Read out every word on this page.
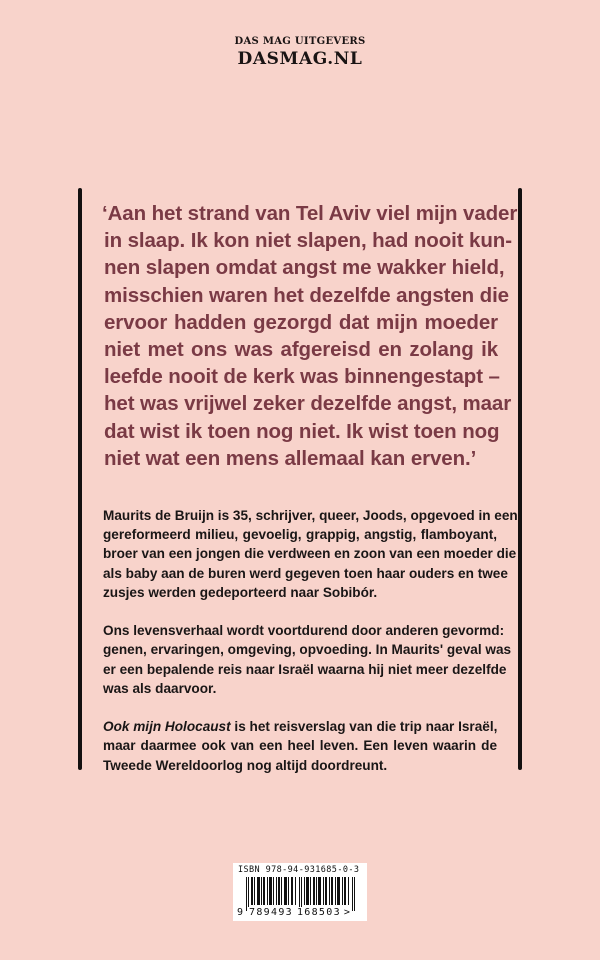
DAS MAG UITGEVERS
DASMAG.NL
‘Aan het strand van Tel Aviv viel mijn vader
in slaap. Ik kon niet slapen, had nooit kun-
nen slapen omdat angst me wakker hield,
misschien waren het dezelfde angsten die
ervoor hadden gezorgd dat mijn moeder
niet met ons was afgereisd en zolang ik
leefde nooit de kerk was binnengestapt –
het was vrijwel zeker dezelfde angst, maar
dat wist ik toen nog niet. Ik wist toen nog
niet wat een mens allemaal kan erven.’
Maurits de Bruijn is 35, schrijver, queer, Joods, opgevoed in een
gereformeerd milieu, gevoelig, grappig, angstig, flamboyant,
broer van een jongen die verdween en zoon van een moeder die
als baby aan de buren werd gegeven toen haar ouders en twee
zusjes werden gedeporteerd naar Sobibór.
Ons levensverhaal wordt voortdurend door anderen gevormd:
genen, ervaringen, omgeving, opvoeding. In Maurits' geval was
er een bepalende reis naar Israël waarna hij niet meer dezelfde
was als daarvoor.
Ook mijn Holocaust is het reisverslag van die trip naar Israël,
maar daarmee ook van een heel leven. Een leven waarin de
Tweede Wereldoorlog nog altijd doordreunt.
ISBN 978-94-931685-0-3
9 789493 168503 >
